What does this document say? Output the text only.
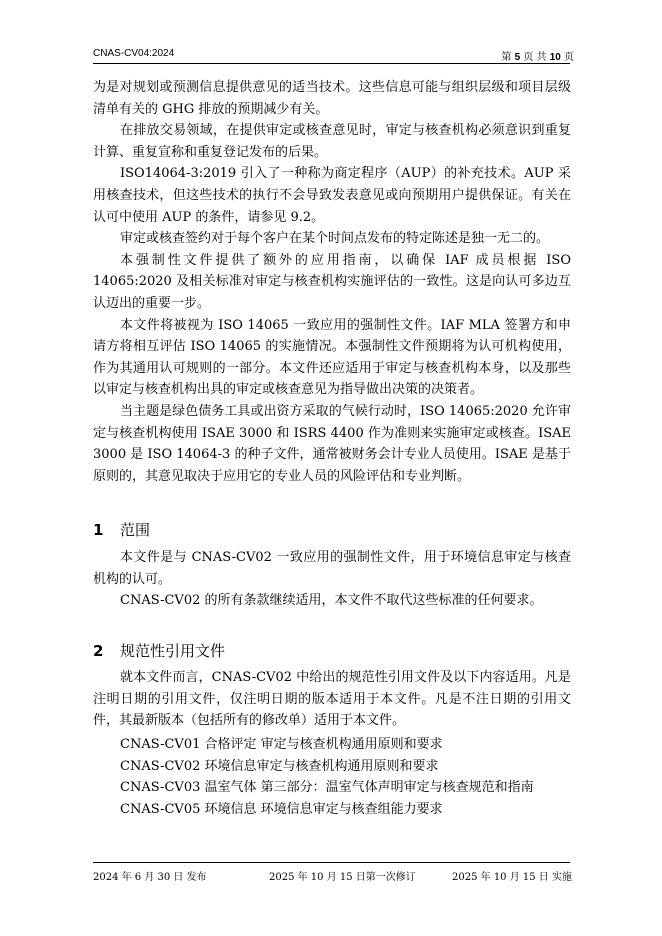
CNAS-CV04:2024	第 5 页 共 10 页

为是对规划或预测信息提供意见的适当技术。这些信息可能与组织层级和项目层级清单有关的 GHG 排放的预期减少有关。

在排放交易领域，在提供审定或核查意见时，审定与核查机构必须意识到重复计算、重复宣称和重复登记发布的后果。

ISO14064-3:2019 引入了一种称为商定程序（AUP）的补充技术。AUP 采用核查技术，但这些技术的执行不会导致发表意见或向预期用户提供保证。有关在认可中使用 AUP 的条件，请参见 9.2。

审定或核查签约对于每个客户在某个时间点发布的特定陈述是独一无二的。

本强制性文件提供了额外的应用指南，以确保 IAF 成员根据 ISO 14065:2020 及相关标准对审定与核查机构实施评估的一致性。这是向认可多边互认迈出的重要一步。

本文件将被视为 ISO 14065 一致应用的强制性文件。IAF MLA 签署方和申请方将相互评估 ISO 14065 的实施情况。本强制性文件预期将为认可机构使用，作为其通用认可规则的一部分。本文件还应适用于审定与核查机构本身，以及那些以审定与核查机构出具的审定或核查意见为指导做出决策的决策者。

当主题是绿色债务工具或出资方采取的气候行动时，ISO 14065:2020 允许审定与核查机构使用 ISAE 3000 和 ISRS 4400 作为准则来实施审定或核查。ISAE 3000 是 ISO 14064-3 的种子文件，通常被财务会计专业人员使用。ISAE 是基于原则的，其意见取决于应用它的专业人员的风险评估和专业判断。

1 范围

本文件是与 CNAS-CV02 一致应用的强制性文件，用于环境信息审定与核查机构的认可。

CNAS-CV02 的所有条款继续适用，本文件不取代这些标准的任何要求。

2 规范性引用文件

就本文件而言，CNAS-CV02 中给出的规范性引用文件及以下内容适用。凡是注明日期的引用文件，仅注明日期的版本适用于本文件。凡是不注日期的引用文件，其最新版本（包括所有的修改单）适用于本文件。

CNAS-CV01 合格评定 审定与核查机构通用原则和要求
CNAS-CV02 环境信息审定与核查机构通用原则和要求
CNAS-CV03 温室气体 第三部分：温室气体声明审定与核查规范和指南
CNAS-CV05 环境信息 环境信息审定与核查组能力要求
2024 年 6 月 30 日 发布	2025 年 10 月 15 日第一次修订	2025 年 10 月 15 日 实施
